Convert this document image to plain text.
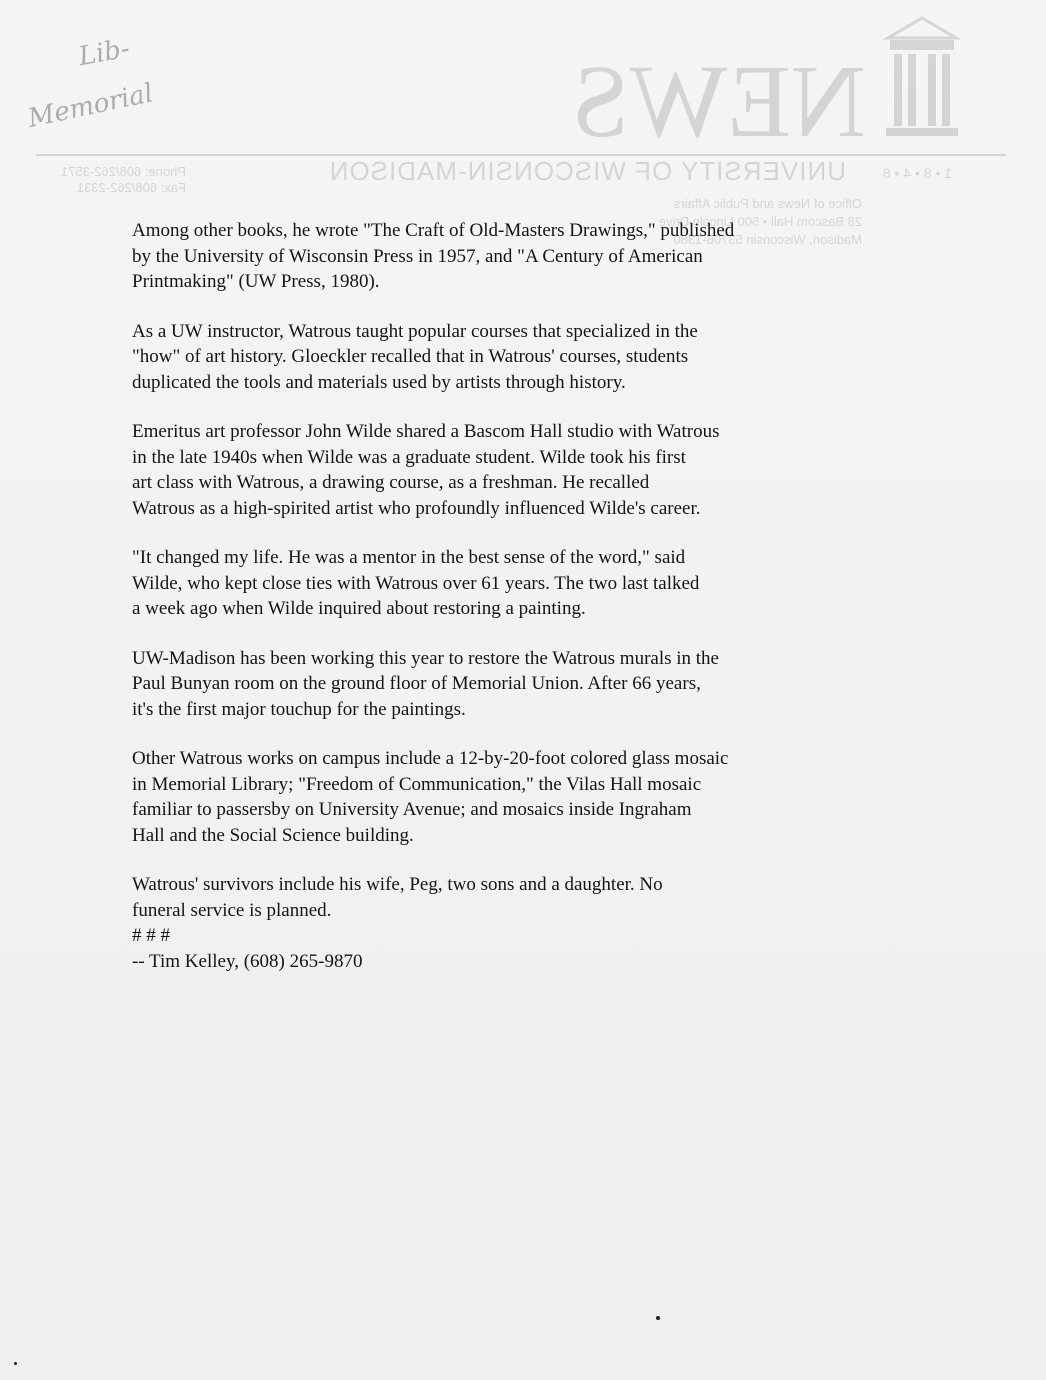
NEWS
1 • 8 • 4 • 8
UNIVERSITY OF WISCONSIN-MADISON
Phone: 608/262-3571
Fax: 608/262-2331
Office of News and Public Affairs
28 Bascom Hall • 500 Lincoln Drive
Madison, Wisconsin 53706-1380
Lib-
Memorial

Among other books, he wrote "The Craft of Old-Masters Drawings," published
by the University of Wisconsin Press in 1957, and "A Century of American
Printmaking" (UW Press, 1980).

As a UW instructor, Watrous taught popular courses that specialized in the
"how" of art history. Gloeckler recalled that in Watrous' courses, students
duplicated the tools and materials used by artists through history.

Emeritus art professor John Wilde shared a Bascom Hall studio with Watrous
in the late 1940s when Wilde was a graduate student. Wilde took his first
art class with Watrous, a drawing course, as a freshman. He recalled
Watrous as a high-spirited artist who profoundly influenced Wilde's career.

"It changed my life. He was a mentor in the best sense of the word," said
Wilde, who kept close ties with Watrous over 61 years. The two last talked
a week ago when Wilde inquired about restoring a painting.

UW-Madison has been working this year to restore the Watrous murals in the
Paul Bunyan room on the ground floor of Memorial Union. After 66 years,
it's the first major touchup for the paintings.

Other Watrous works on campus include a 12-by-20-foot colored glass mosaic
in Memorial Library; "Freedom of Communication," the Vilas Hall mosaic
familiar to passersby on University Avenue; and mosaics inside Ingraham
Hall and the Social Science building.

Watrous' survivors include his wife, Peg, two sons and a daughter. No
funeral service is planned.

# # #

-- Tim Kelley, (608) 265-9870
